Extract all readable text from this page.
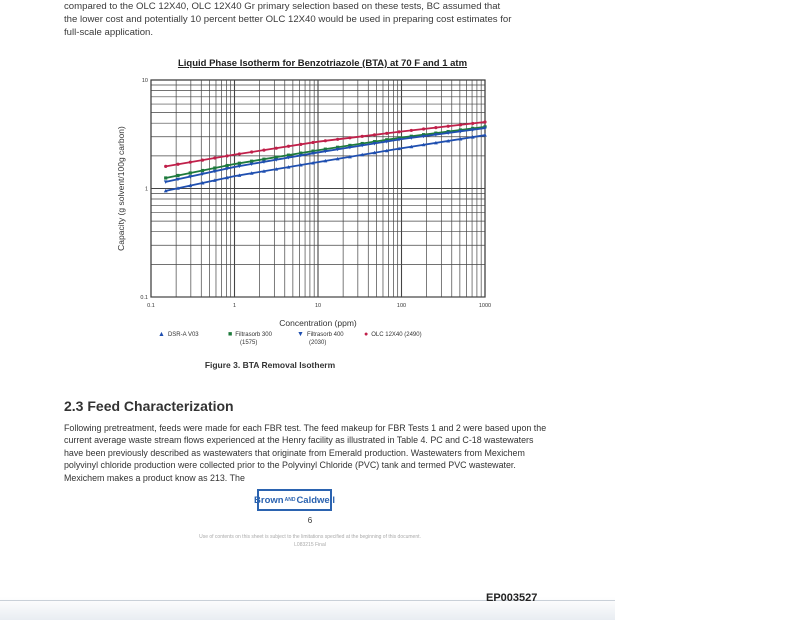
compared to the OLC 12X40, OLC 12X40 Gr primary selection based on these tests, BC assumed that

the lower cost and potentially 10 percent better OLC 12X40 would be used in preparing cost estimates for

full-scale application.

Liquid Phase Isotherm for Benzotriazole (BTA) at 70 F and 1 atm
0.1	1	10	100	1000
10
1
0.1
Capacity (g solvent/100g carbon)
Concentration (ppm)
▲ DSR-A V03	■ Filtrasorb 300
(1575)
▼ Filtrasorb 400
(2030)
● OLC 12X40 (2490)
Figure 3. BTA Removal Isotherm
2.3 Feed Characterization

Following pretreatment, feeds were made for each FBR test. The feed makeup for FBR Tests 1 and 2 were based upon the current average waste stream flows experienced at the Henry facility as illustrated in Table 4. PC and C-18 wastewaters have been previously described as wastewaters that originate from Emerald production. Wastewaters from Mexichem polyvinyl chloride production were collected prior to the Polyvinyl Chloride (PVC) tank and termed PVC wastewater. Mexichem makes a product know as 213. The

Brown AND Caldwell
6
Use of contents on this sheet is subject to the limitations specified at the beginning of this document.
L083215 Final
EP003527
